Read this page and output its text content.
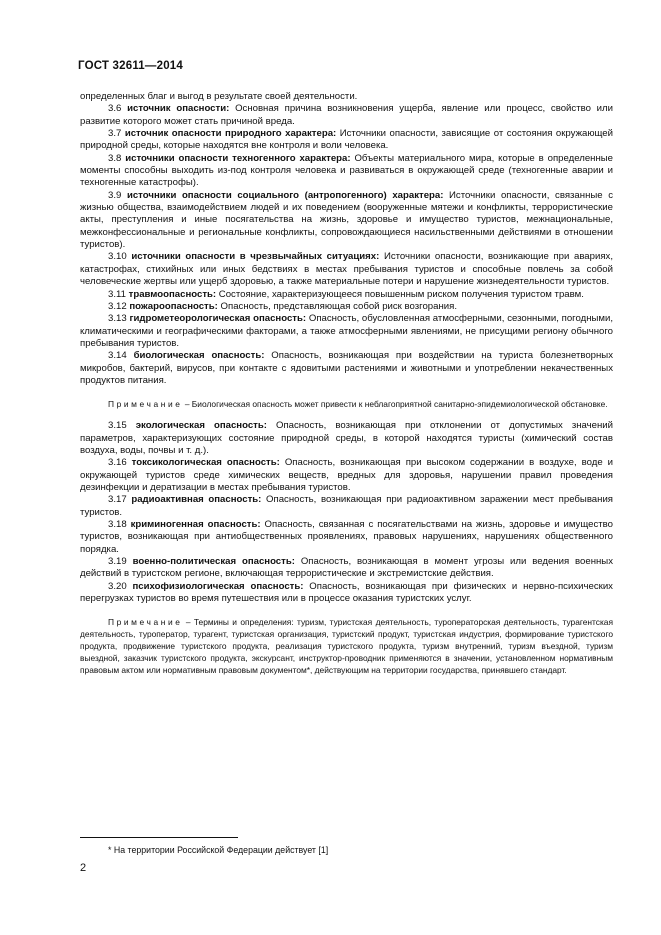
ГОСТ 32611—2014

определенных благ и выгод в результате своей деятельности.

3.6 источник опасности: Основная причина возникновения ущерба, явление или процесс, свойство или развитие которого может стать причиной вреда.

3.7 источник опасности природного характера: Источники опасности, зависящие от состояния окружающей природной среды, которые находятся вне контроля и воли человека.

3.8 источники опасности техногенного характера: Объекты материального мира, которые в определенные моменты способны выходить из-под контроля человека и развиваться в окружающей среде (техногенные аварии и техногенные катастрофы).

3.9 источники опасности социального (антропогенного) характера: Источники опасности, связанные с жизнью общества, взаимодействием людей и их поведением (вооруженные мятежи и конфликты, террористические акты, преступления и иные посягательства на жизнь, здоровье и имущество туристов, межнациональные, межконфессиональные и региональные конфликты, сопровождающиеся насильственными действиями в отношении туристов).

3.10 источники опасности в чрезвычайных ситуациях: Источники опасности, возникающие при авариях, катастрофах, стихийных или иных бедствиях в местах пребывания туристов и способные повлечь за собой человеческие жертвы или ущерб здоровью, а также материальные потери и нарушение жизнедеятельности туристов.

3.11 травмоопасность: Состояние, характеризующееся повышенным риском получения туристом травм.

3.12 пожароопасность: Опасность, представляющая собой риск возгорания.

3.13 гидрометеорологическая опасность: Опасность, обусловленная атмосферными, сезонными, погодными, климатическими и географическими факторами, а также атмосферными явлениями, не присущими региону обычного пребывания туристов.

3.14 биологическая опасность: Опасность, возникающая при воздействии на туриста болезнетворных микробов, бактерий, вирусов, при контакте с ядовитыми растениями и животными и употреблении некачественных продуктов питания.

Примечание – Биологическая опасность может привести к неблагоприятной санитарно-эпидемиологической обстановке.

3.15 экологическая опасность: Опасность, возникающая при отклонении от допустимых значений параметров, характеризующих состояние природной среды, в которой находятся туристы (химический состав воздуха, воды, почвы и т. д.).

3.16 токсикологическая опасность: Опасность, возникающая при высоком содержании в воздухе, воде и окружающей туристов среде химических веществ, вредных для здоровья, нарушении правил проведения дезинфекции и дератизации в местах пребывания туристов.

3.17 радиоактивная опасность: Опасность, возникающая при радиоактивном заражении мест пребывания туристов.

3.18 криминогенная опасность: Опасность, связанная с посягательствами на жизнь, здоровье и имущество туристов, возникающая при антиобщественных проявлениях, правовых нарушениях, нарушениях общественного порядка.

3.19 военно-политическая опасность: Опасность, возникающая в момент угрозы или ведения военных действий в туристском регионе, включающая террористические и экстремистские действия.

3.20 психофизиологическая опасность: Опасность, возникающая при физических и нервно-психических перегрузках туристов во время путешествия или в процессе оказания туристских услуг.

Примечание – Термины и определения: туризм, туристская деятельность, туроператорская деятельность, турагентская деятельность, туроператор, турагент, туристская организация, туристский продукт, туристская индустрия, формирование туристского продукта, продвижение туристского продукта, реализация туристского продукта, туризм внутренний, туризм въездной, туризм выездной, заказчик туристского продукта, экскурсант, инструктор-проводник применяются в значении, установленном нормативным правовым актом или нормативным правовым документом*, действующим на территории государства, принявшего стандарт.

* На территории Российской Федерации действует [1]
2
